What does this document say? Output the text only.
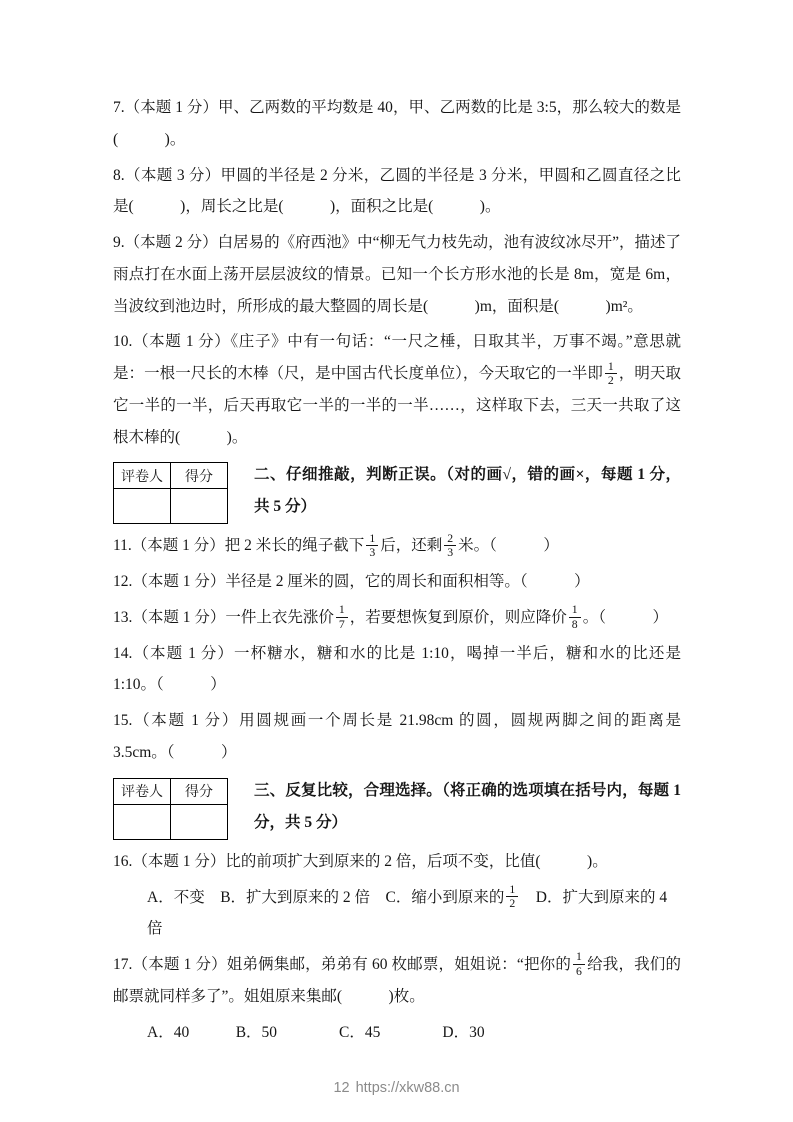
7.（本题 1 分）甲、乙两数的平均数是 40，甲、乙两数的比是 3:5，那么较大的数是(　　　)。

8.（本题 3 分）甲圆的半径是 2 分米，乙圆的半径是 3 分米，甲圆和乙圆直径之比是(　　　)，周长之比是(　　　)，面积之比是(　　　)。

9.（本题 2 分）白居易的《府西池》中“柳无气力枝先动，池有波纹冰尽开”，描述了雨点打在水面上荡开层层波纹的情景。已知一个长方形水池的长是 8m，宽是 6m，当波纹到池边时，所形成的最大整圆的周长是(　　　)m，面积是(　　　)m²。

10.（本题 1 分）《庄子》中有一句话：“一尺之棰，日取其半，万事不竭。”意思就是：一根一尺长的木棒（尺，是中国古代长度单位），今天取它的一半即 $\frac{1}{2}$ ，明天取它一半的一半，后天再取它一半的一半的一半……，这样取下去，三天一共取了这根木棒的(　　　)。

评卷人	得分
		二、仔细推敲，判断正误。（对的画√，错的画×，每题 1 分，共 5 分）

11.（本题 1 分）把 2 米长的绳子截下 $\frac{1}{3}$ 后，还剩 $\frac{2}{3}$ 米。（　　　）

12.（本题 1 分）半径是 2 厘米的圆，它的周长和面积相等。（　　　）

13.（本题 1 分）一件上衣先涨价 $\frac{1}{7}$ ，若要想恢复到原价，则应降价 $\frac{1}{8}$ 。（　　　）

14.（本题 1 分）一杯糖水，糖和水的比是 1:10，喝掉一半后，糖和水的比还是 1:10。（　　　）

15.（本题 1 分）用圆规画一个周长是 21.98cm 的圆，圆规两脚之间的距离是 3.5cm。（　　　）

评卷人	得分
		三、反复比较，合理选择。（将正确的选项填在括号内，每题 1 分，共 5 分）

16.（本题 1 分）比的前项扩大到原来的 2 倍，后项不变，比值(　　　)。

A．不变　B．扩大到原来的 2 倍　C．缩小到原来的 $\frac{1}{2}$ 　D．扩大到原来的 4 倍

17.（本题 1 分）姐弟俩集邮，弟弟有 60 枚邮票，姐姐说：“把你的 $\frac{1}{6}$ 给我，我们的邮票就同样多了”。姐姐原来集邮(　　　)枚。

A．40　　　B．50　　　　C．45　　　　D．30

12 https://xkw88.cn
